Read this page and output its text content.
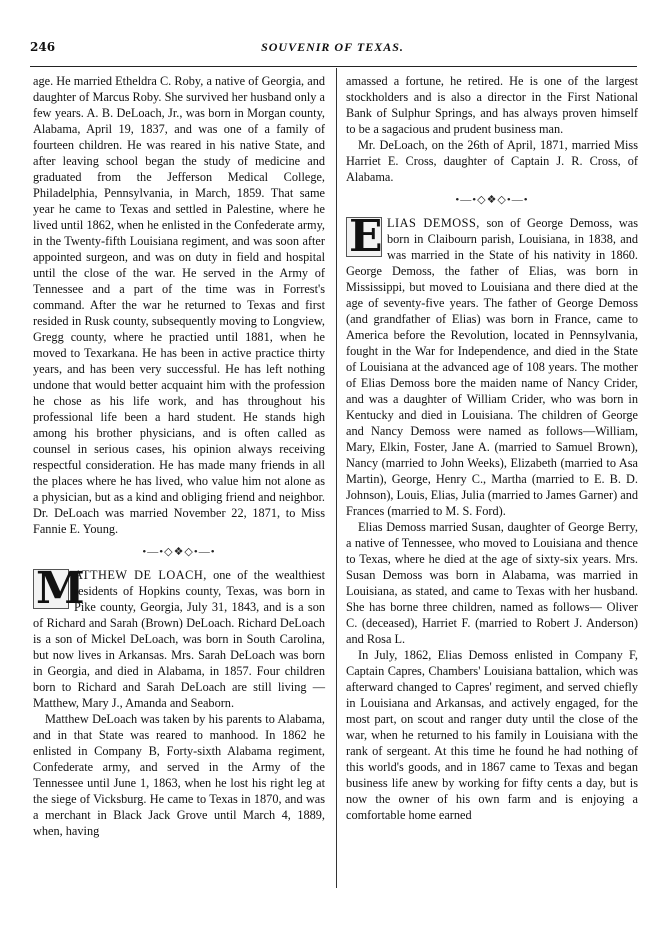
246	SOUVENIR OF TEXAS.

age. He married Etheldra C. Roby, a native of Georgia, and daughter of Marcus Roby. She survived her husband only a few years. A. B. DeLoach, Jr., was born in Morgan county, Alabama, April 19, 1837, and was one of a family of fourteen children. He was reared in his native State, and after leaving school began the study of medicine and graduated from the Jefferson Medical College, Philadelphia, Pennsylvania, in March, 1859. That same year he came to Texas and settled in Palestine, where he lived until 1862, when he enlisted in the Confederate army, in the Twenty-fifth Louisiana regiment, and was soon after appointed surgeon, and was on duty in field and hospital until the close of the war. He served in the Army of Tennessee and a part of the time was in Forrest's command. After the war he returned to Texas and first resided in Rusk county, subsequently moving to Longview, Gregg county, where he practied until 1881, when he moved to Texarkana. He has been in active practice thirty years, and has been very successful. He has left nothing undone that would better acquaint him with the profession he chose as his life work, and has throughout his professional life been a hard student. He stands high among his brother physicians, and is often called as counsel in serious cases, his opinion always receiving respectful consideration. He has made many friends in all the places where he has lived, who value him not alone as a physician, but as a kind and obliging friend and neighbor. Dr. DeLoach was married November 22, 1871, to Miss Fannie E. Young.

•—•◇❖◇•—•

M
ATTHEW DE LOACH, one of the wealthiest residents of Hopkins county, Texas, was born in Pike county, Georgia, July 31, 1843, and is a son of Richard and Sarah (Brown) DeLoach. Richard DeLoach is a son of Mickel DeLoach, was born in South Carolina, but now lives in Arkansas. Mrs. Sarah DeLoach was born in Georgia, and died in Alabama, in 1857. Four children born to Richard and Sarah DeLoach are still living —Matthew, Mary J., Amanda and Seaborn.

Matthew DeLoach was taken by his parents to Alabama, and in that State was reared to manhood. In 1862 he enlisted in Company B, Forty-sixth Alabama regiment, Confederate army, and served in the Army of the Tennessee until June 1, 1863, when he lost his right leg at the siege of Vicksburg. He came to Texas in 1870, and was a merchant in Black Jack Grove until March 4, 1889, when, having

amassed a fortune, he retired. He is one of the largest stockholders and is also a director in the First National Bank of Sulphur Springs, and has always proven himself to be a sagacious and prudent business man.

Mr. DeLoach, on the 26th of April, 1871, married Miss Harriet E. Cross, daughter of Captain J. R. Cross, of Alabama.

•—•◇❖◇•—•

E LIAS DEMOSS, son of George Demoss, was born in Claibourn parish, Louisiana, in 1838, and was married in the State of his nativity in 1860. George Demoss, the father of Elias, was born in Mississippi, but moved to Louisiana and there died at the age of seventy-five years. The father of George Demoss (and grandfather of Elias) was born in France, came to America before the Revolution, located in Pennsylvania, fought in the War for Independence, and died in the State of Louisiana at the advanced age of 108 years. The mother of Elias Demoss bore the maiden name of Nancy Crider, and was a daughter of William Crider, who was born in Kentucky and died in Louisiana. The children of George and Nancy Demoss were named as follows—William, Mary, Elkin, Foster, Jane A. (married to Samuel Brown), Nancy (married to John Weeks), Elizabeth (married to Asa Martin), George, Henry C., Martha (married to E. B. D. Johnson), Louis, Elias, Julia (married to James Garner) and Frances (married to M. S. Ford).

Elias Demoss married Susan, daughter of George Berry, a native of Tennessee, who moved to Louisiana and thence to Texas, where he died at the age of sixty-six years. Mrs. Susan Demoss was born in Alabama, was married in Louisiana, as stated, and came to Texas with her husband. She has borne three children, named as follows— Oliver C. (deceased), Harriet F. (married to Robert J. Anderson) and Rosa L.

In July, 1862, Elias Demoss enlisted in Company F, Captain Capres, Chambers' Louisiana battalion, which was afterward changed to Capres' regiment, and served chiefly in Louisiana and Arkansas, and actively engaged, for the most part, on scout and ranger duty until the close of the war, when he returned to his family in Louisiana with the rank of sergeant. At this time he found he had nothing of this world's goods, and in 1867 came to Texas and began business life anew by working for fifty cents a day, but is now the owner of his own farm and is enjoying a comfortable home earned
